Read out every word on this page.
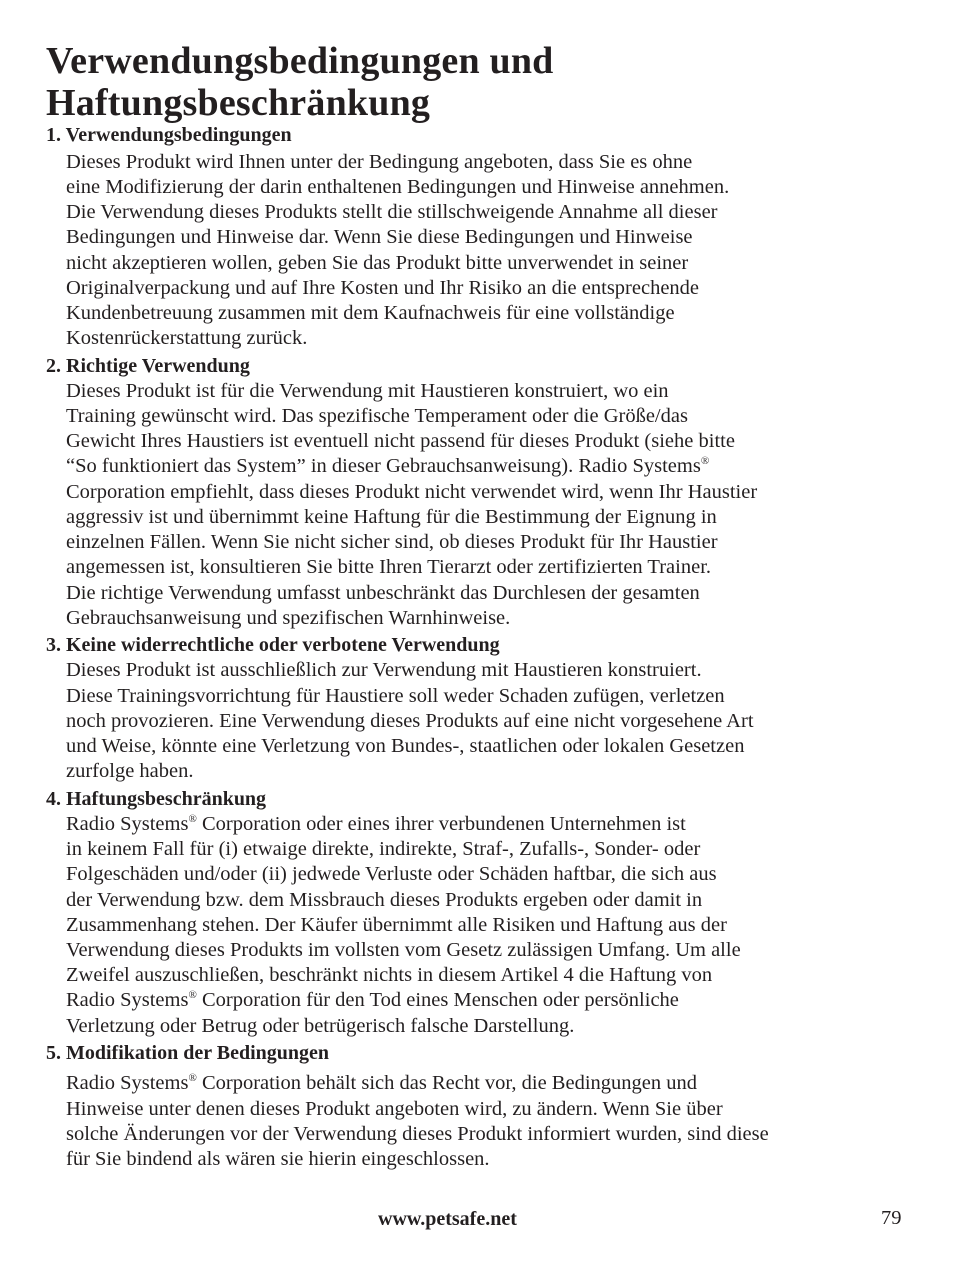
Verwendungsbedingungen und
Haftungsbeschränkung
1. Verwendungsbedingungen
Dieses Produkt wird Ihnen unter der Bedingung angeboten, dass Sie es ohne
eine Modifizierung der darin enthaltenen Bedingungen und Hinweise annehmen.
Die Verwendung dieses Produkts stellt die stillschweigende Annahme all dieser
Bedingungen und Hinweise dar. Wenn Sie diese Bedingungen und Hinweise
nicht akzeptieren wollen, geben Sie das Produkt bitte unverwendet in seiner
Originalverpackung und auf Ihre Kosten und Ihr Risiko an die entsprechende
Kundenbetreuung zusammen mit dem Kaufnachweis für eine vollständige
Kostenrückerstattung zurück.
2. Richtige Verwendung
Dieses Produkt ist für die Verwendung mit Haustieren konstruiert, wo ein
Training gewünscht wird. Das spezifische Temperament oder die Größe/das
Gewicht Ihres Haustiers ist eventuell nicht passend für dieses Produkt (siehe bitte
“So funktioniert das System” in dieser Gebrauchsanweisung). Radio Systems®
Corporation empfiehlt, dass dieses Produkt nicht verwendet wird, wenn Ihr Haustier
aggressiv ist und übernimmt keine Haftung für die Bestimmung der Eignung in
einzelnen Fällen. Wenn Sie nicht sicher sind, ob dieses Produkt für Ihr Haustier
angemessen ist, konsultieren Sie bitte Ihren Tierarzt oder zertifizierten Trainer.
Die richtige Verwendung umfasst unbeschränkt das Durchlesen der gesamten
Gebrauchsanweisung und spezifischen Warnhinweise.
3. Keine widerrechtliche oder verbotene Verwendung
Dieses Produkt ist ausschließlich zur Verwendung mit Haustieren konstruiert.
Diese Trainingsvorrichtung für Haustiere soll weder Schaden zufügen, verletzen
noch provozieren. Eine Verwendung dieses Produkts auf eine nicht vorgesehene Art
und Weise, könnte eine Verletzung von Bundes-, staatlichen oder lokalen Gesetzen
zurfolge haben.
4. Haftungsbeschränkung
Radio Systems® Corporation oder eines ihrer verbundenen Unternehmen ist
in keinem Fall für (i) etwaige direkte, indirekte, Straf-, Zufalls-, Sonder- oder
Folgeschäden und/oder (ii) jedwede Verluste oder Schäden haftbar, die sich aus
der Verwendung bzw. dem Missbrauch dieses Produkts ergeben oder damit in
Zusammenhang stehen. Der Käufer übernimmt alle Risiken und Haftung aus der
Verwendung dieses Produkts im vollsten vom Gesetz zulässigen Umfang. Um alle
Zweifel auszuschließen, beschränkt nichts in diesem Artikel 4 die Haftung von
Radio Systems® Corporation für den Tod eines Menschen oder persönliche
Verletzung oder Betrug oder betrügerisch falsche Darstellung.
5. Modifikation der Bedingungen
Radio Systems® Corporation behält sich das Recht vor, die Bedingungen und
Hinweise unter denen dieses Produkt angeboten wird, zu ändern. Wenn Sie über
solche Änderungen vor der Verwendung dieses Produkt informiert wurden, sind diese
für Sie bindend als wären sie hierin eingeschlossen.
www.petsafe.net	79
